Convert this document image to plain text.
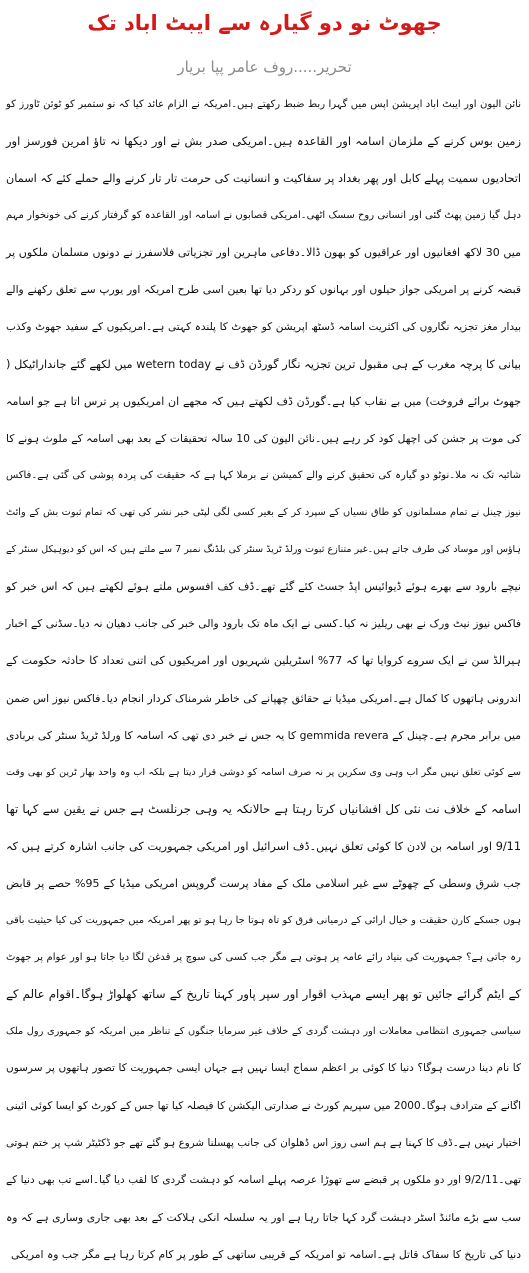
جھوٹ نو دو گیارہ سے ایبٹ اباد تک
تحریر.....روف عامر پپا بریار
نائن الیون اور ایبٹ اباد اپریشن اپس میں گہرا ربط ضبط رکھتے ہیں۔امریکہ نے الزام عائد کیا کہ نو ستمبر کو ٹوئن ٹاورز کو
زمین بوس کرنے کے ملزمان اسامہ اور القاعدہ ہیں۔امریکی صدر بش نے اور دیکھا نہ تاؤ امرین فورسز اور
اتحادیوں سمیت پہلے کابل اور پھر بغداد پر سفاکیت و انسانیت کی حرمت تار تار کرنے والے حملے کئے کہ اسمان
دہل گیا زمین پھٹ گئی اور انسانی روح سسک اٹھی۔امریکی قصابوں نے اسامہ اور القاعدہ کو گرفتار کرنے کی خونخوار مہم
میں 30 لاکھ افغانیوں اور عراقیوں کو بھون ڈالا۔دفاعی ماہرین اور تجزیاتی فلاسفرز نے دونوں مسلمان ملکوں پر
قبضہ کرنے پر امریکی جواز حیلوں اور بہانوں کو ردکر دیا تھا بعین اسی طرح امریکہ اور یورپ سے تعلق رکھنے والے
بیدار مغز تجزیہ نگاروں کی اکثریت اسامہ ڈسٹھ اپریشن کو جھوٹ کا پلندہ کہتی ہے۔امریکیوں کے سفید جھوٹ وکذب
بیانی کا پرچہ مغرب کے ہی مقبول ترین تجزیہ نگار گورڈن ڈف نے wetern today میں لکھے گئے جانداراٹیکل (
جھوٹ برائے فروخت) میں بے نقاب کیا ہے۔گورڈن ڈف لکھتے ہیں کہ مجھے ان امریکیوں پر ترس اتا ہے جو اسامہ
کی موت پر جشن کی اچھل کود کر رہے ہیں۔نائن الیون کی 10 سالہ تحقیقات کے بعد بھی اسامہ کے ملوث ہونے کا
شائبہ تک نہ ملا۔نوٹو دو گیارہ کی تحقیق کرنے والے کمیشن نے برملا کہا ہے کہ حقیقت کی پردہ پوشی کی گئی ہے۔فاکس
نیوز چینل نے تمام مسلمانوں کو طاق نسیاں کے سپرد کر کے بغیر کسی لگی لپٹی خبر نشر کی تھی کہ تمام ثبوت بش کے وائٹ
ہاؤس اور موساد کی طرف جاتے ہیں۔غیر متنازع ثبوت ورلڈ ٹریڈ سنٹر کی بلڈنگ نمبر 7 سے ملتے ہیں کہ اس کو دیوہیکل سنٹر کے
نیچے بارود سے بھرے ہوئے ڈیوائیس اپڈ جسٹ کئے گئے تھے۔ڈف کف افسوس ملتے ہوئے لکھتے ہیں کہ اس خبر کو
فاکس نیوز نیٹ ورک نے بھی ریلیز نہ کیا۔کسی نے ایک ماہ تک بارود والی خبر کی جانب دھیان نہ دیا۔سڈنی کے اخبار
ہیرالڈ سن نے ایک سروے کروایا تھا کہ 77% اسٹریلین شہریوں اور امریکیوں کی اتنی تعداد کا حادثہ حکومت کے
اندرونی ہاتھوں کا کمال ہے۔امریکی میڈیا نے حقائق چھپانے کی خاطر شرمناک کردار انجام دیا۔فاکس نیوز اس ضمن
میں برابر مجرم ہے۔چینل کے gemmida revera کا یہ جس نے خبر دی تھی کہ اسامہ کا ورلڈ ٹریڈ سنٹر کی بربادی
سے کوئی تعلق نہیں مگر اب وہی وی سکرین پر نہ صرف اسامہ کو دوشی قرار دیتا ہے بلکہ اب وہ واحد بھار ٹرین کو بھی وقت
اسامہ کے خلاف نت نئی کل افشانیاں کرتا رہتا ہے حالانکہ یہ وہی جرنلسٹ ہے جس نے یقین سے کہا تھا
9/11 اور اسامہ بن لادن کا کوئی تعلق نہیں۔ڈف اسرائیل اور امریکی جمہوریت کی جانب اشارہ کرتے ہیں کہ
جب شرق وسطی کے چھوٹے سے غیر اسلامی ملک کے مفاد پرست گروپس امریکی میڈیا کے 95% حصے پر قابض
ہوں جسکے کارن حقیقت و خیال ارائی کے درمیانی فرق کو تاہ ہوتا جا رہا ہو تو پھر امریکہ میں جمہوریت کی کیا حیثیت باقی
رہ جاتی ہے؟ جمہوریت کی بنیاد رائے عامہ پر ہوتی ہے مگر جب کسی کی سوچ پر قدغن لگا دیا جاتا ہو اور عوام پر جھوٹ
کے ایٹم گرائے جائیں تو پھر ایسے مہذب اقوار اور سپر پاور کہنا تاریخ کے ساتھ کھلواڑ ہوگا۔اقوام عالم کے
سیاسی جمہوری انتظامی معاملات اور دہشت گردی کے خلاف غیر سرمایا جنگوں کے تناظر میں امریکہ کو جمہوری رول ملک
کا نام دینا درست ہوگا؟ دنیا کا کوئی بر اعظم سماج ایسا نہیں ہے جہاں ایسی جمہوریت کا تصور ہاتھوں پر سرسوں
اگانے کے مترادف ہوگا۔2000 میں سپریم کورٹ نے صدارتی الیکشن کا فیصلہ کیا تھا جس کے کورٹ کو ایسا کوئی ائینی
اختیار نہیں ہے۔ڈف کا کہنا ہے ہم اسی روز اس ڈھلوان کی جانب پھسلنا شروع ہو گئے تھے جو ڈکٹیٹر شپ پر ختم ہوتی
تھی۔9/2/11 اور دو ملکوں پر قبضے سے تھوڑا عرصہ پہلے اسامہ کو دہشت گردی کا لقب دیا گیا۔اسے تب بھی دنیا کے
سب سے بڑے مائنڈ اسٹر دہشت گرد کہا جاتا رہا ہے اور یہ سلسلہ انکی ہلاکت کے بعد بھی جاری وساری ہے کہ وہ
دنیا کی تاریخ کا سفاک قاتل ہے۔اسامہ تو امریکہ کے قریبی ساتھی کے طور پر کام کرتا رہا ہے مگر جب وہ امریکی
